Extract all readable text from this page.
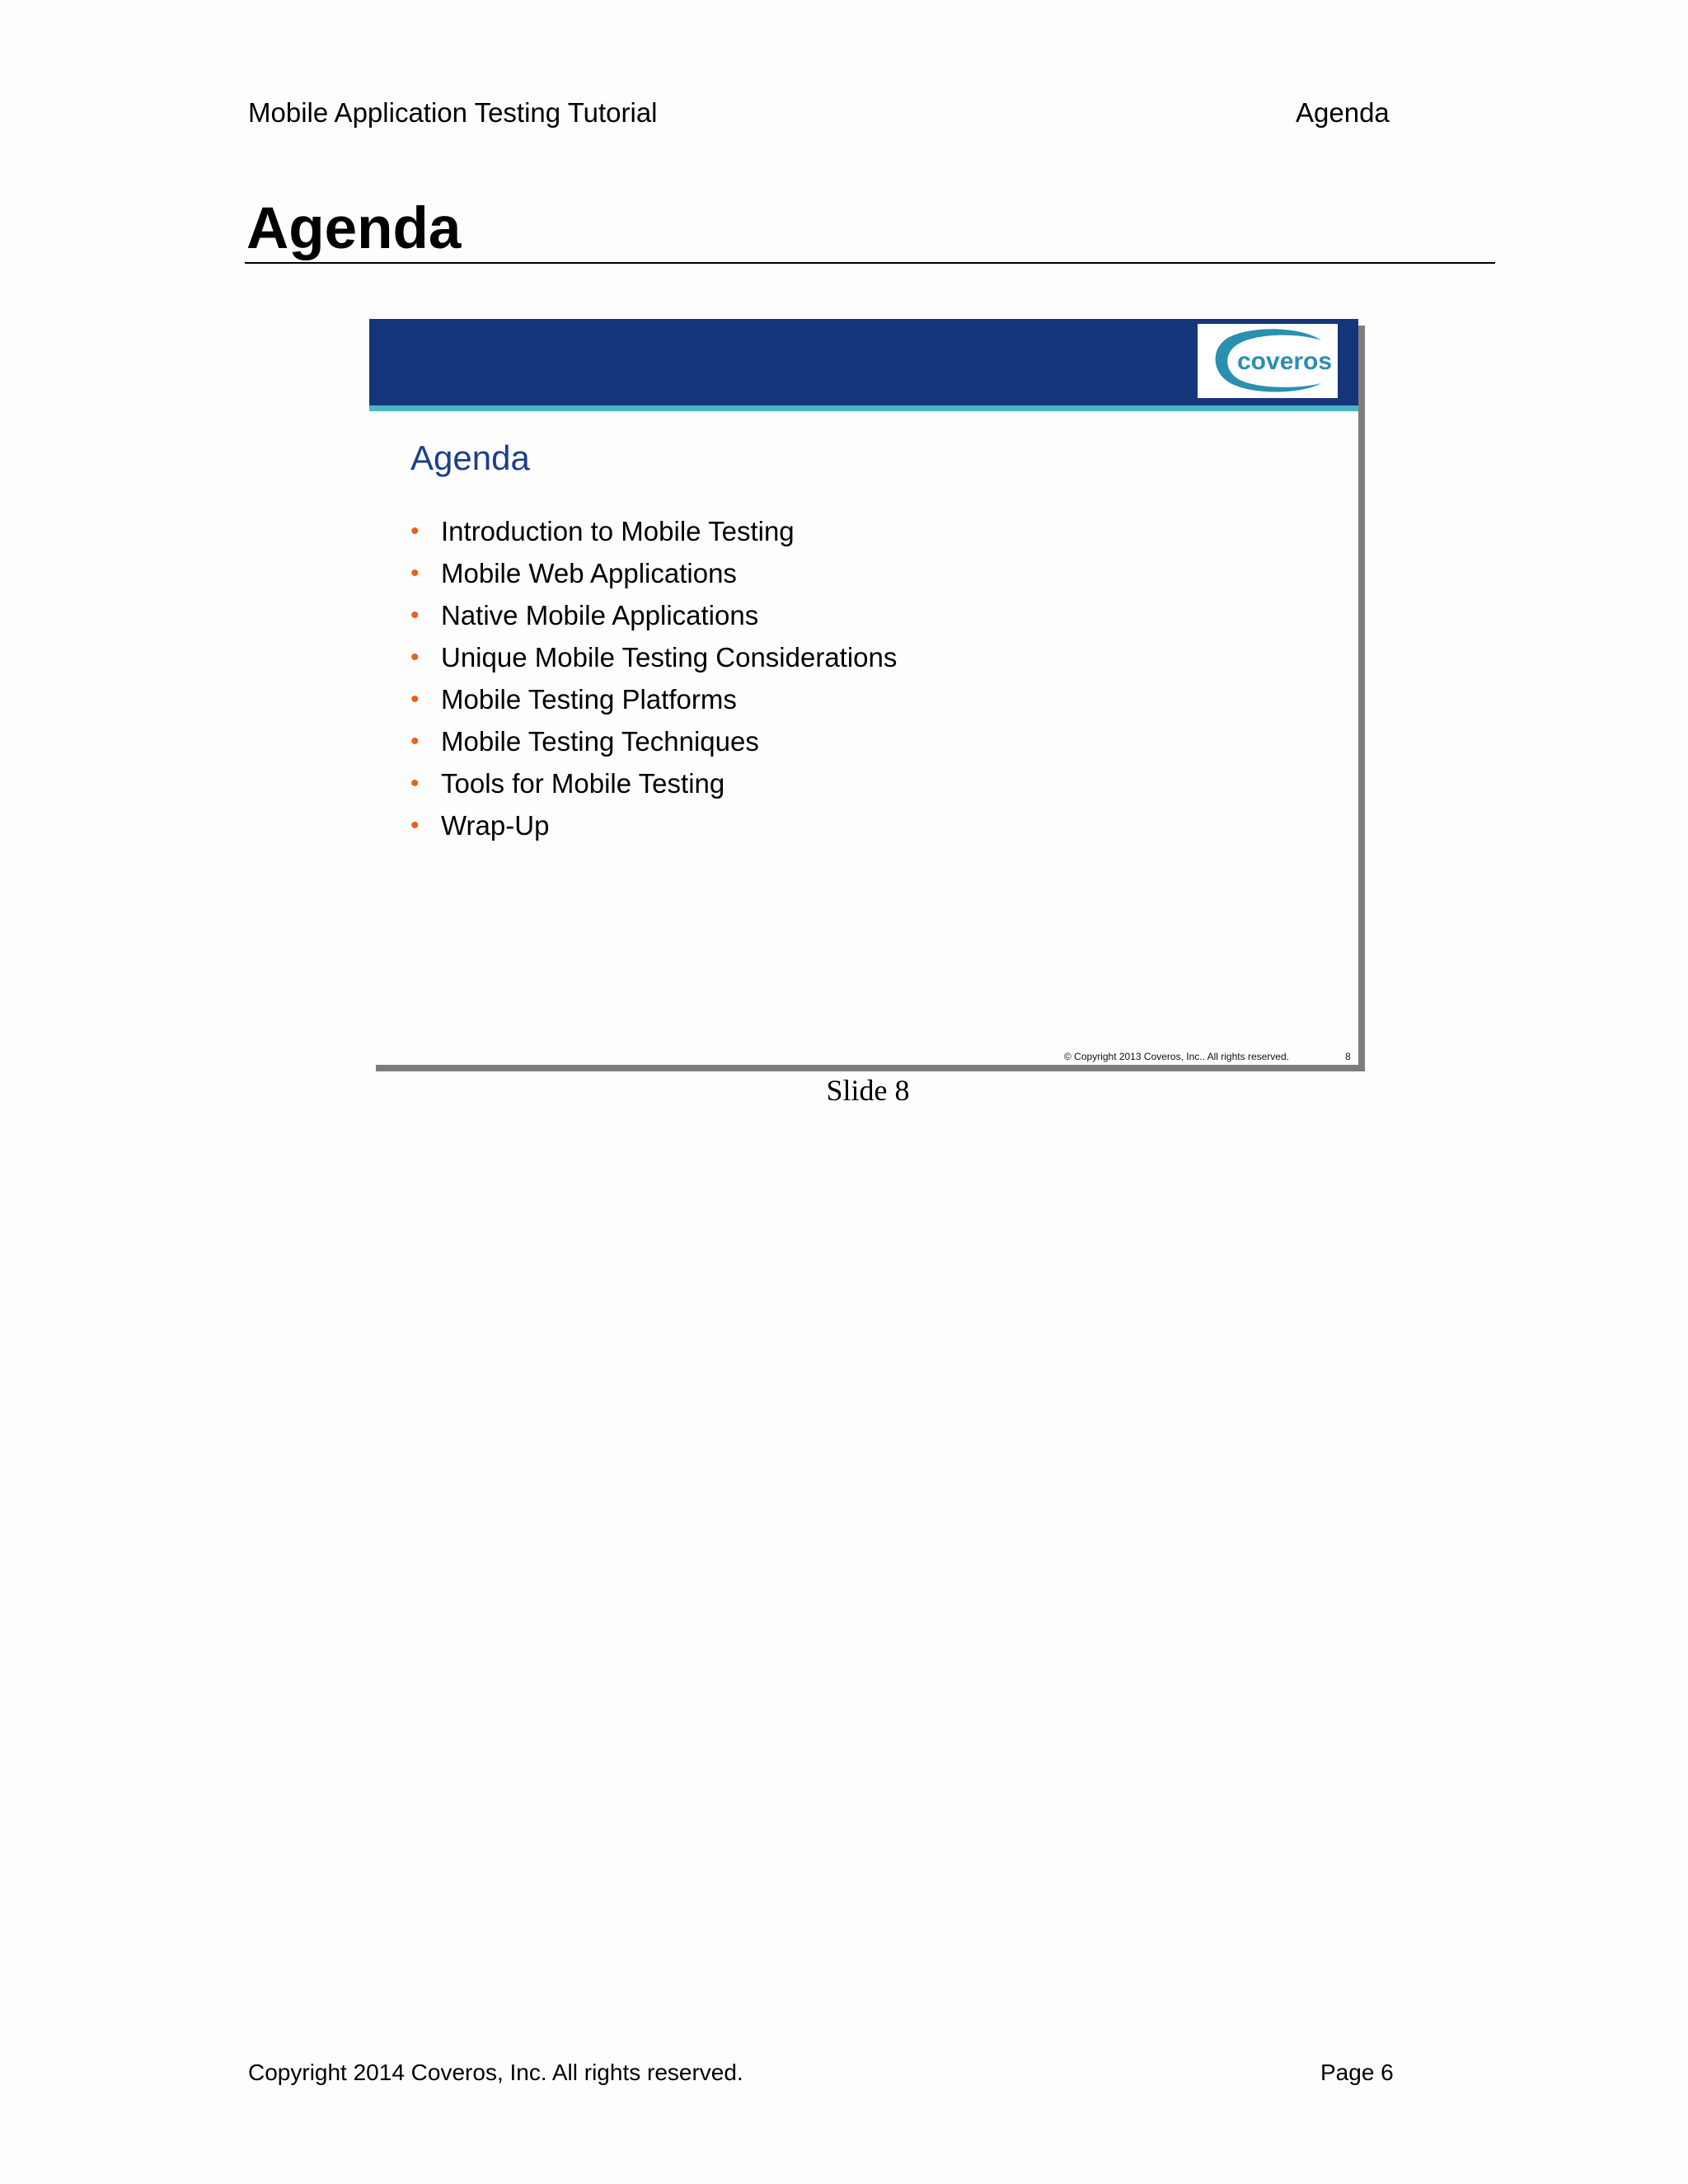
Mobile Application Testing Tutorial	Agenda
Agenda
coveros
Agenda
• Introduction to Mobile Testing
• Mobile Web Applications
• Native Mobile Applications
• Unique Mobile Testing Considerations
• Mobile Testing Platforms
• Mobile Testing Techniques
• Tools for Mobile Testing
• Wrap-Up
© Copyright 2013 Coveros, Inc.. All rights reserved.	8
Slide 8
Copyright 2014 Coveros, Inc. All rights reserved.	Page 6
